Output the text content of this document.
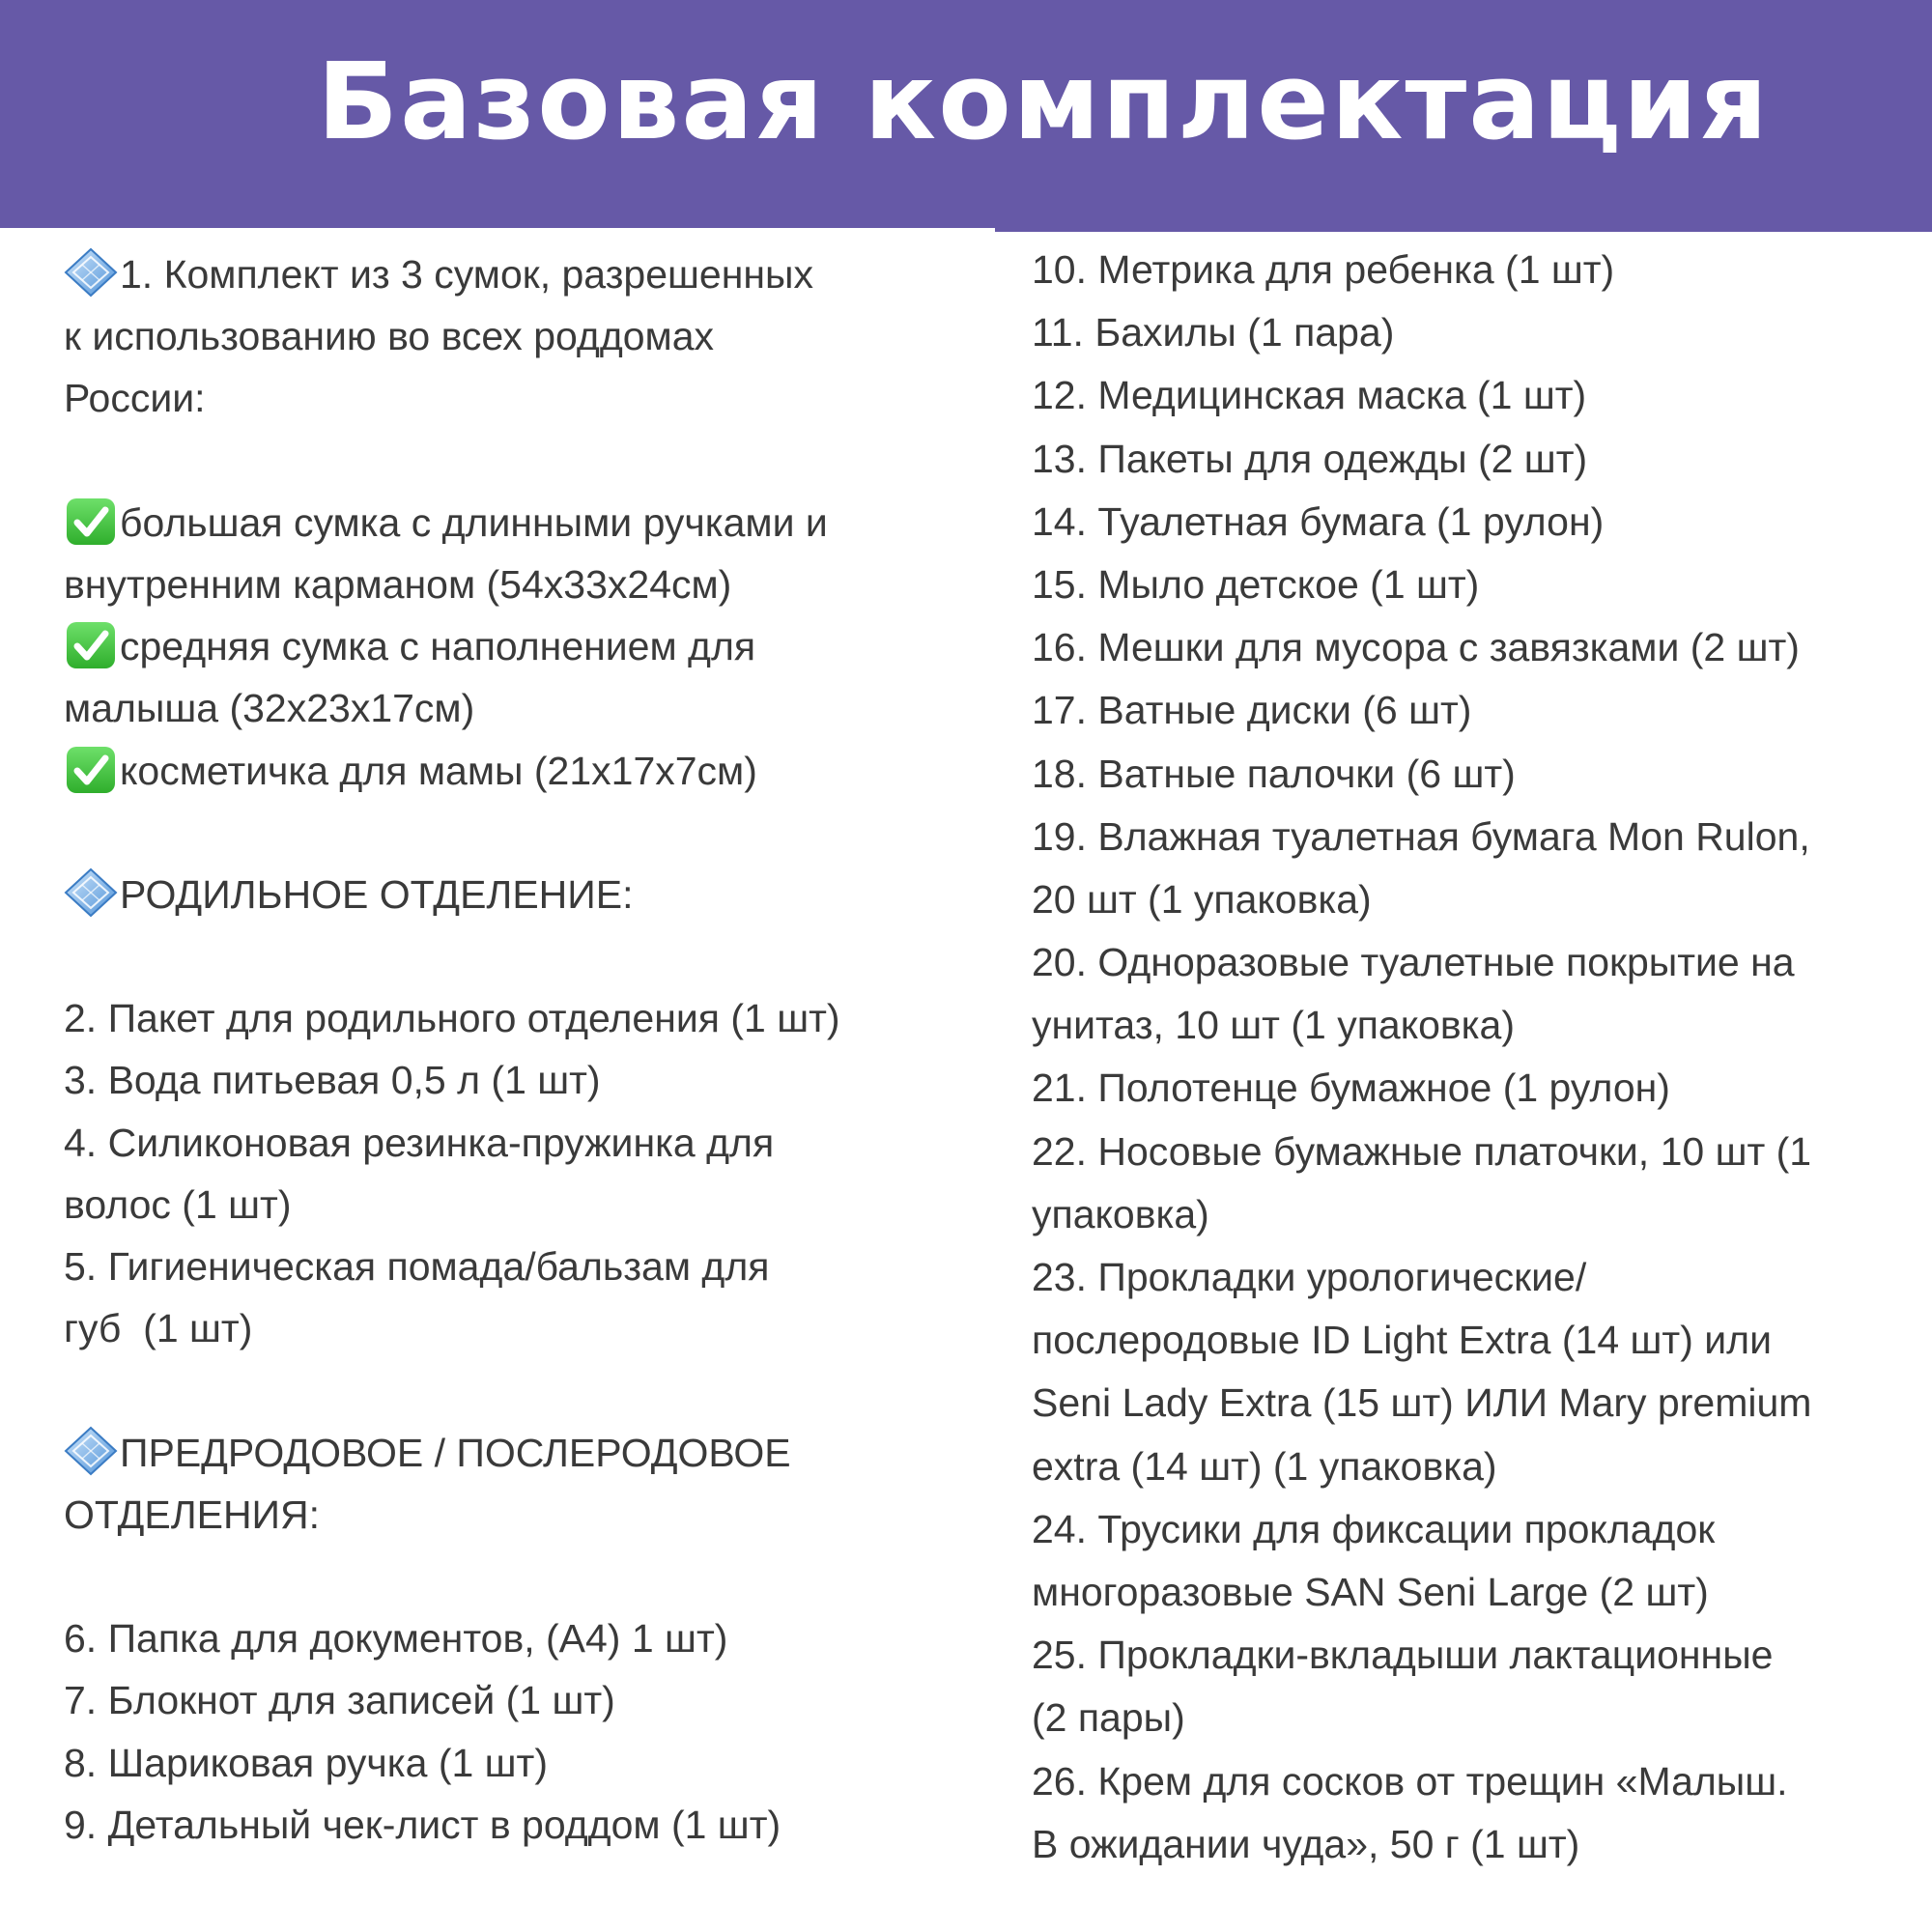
Базовая комплектация
1. Комплект из 3 сумок, разрешенных
к использованию во всех роддомах
России:
большая сумка с длинными ручками и
внутренним карманом (54х33х24см)
средняя сумка с наполнением для
малыша (32х23х17см)
косметичка для мамы (21х17х7см)
РОДИЛЬНОЕ ОТДЕЛЕНИЕ:
2. Пакет для родильного отделения (1 шт)
3. Вода питьевая 0,5 л (1 шт)
4. Силиконовая резинка-пружинка для
волос (1 шт)
5. Гигиеническая помада/бальзам для
губ  (1 шт)
ПРЕДРОДОВОЕ / ПОСЛЕРОДОВОЕ
ОТДЕЛЕНИЯ:
6. Папка для документов, (А4) 1 шт)
7. Блокнот для записей (1 шт)
8. Шариковая ручка (1 шт)
9. Детальный чек-лист в роддом (1 шт)
10. Метрика для ребенка (1 шт)
11. Бахилы (1 пара)
12. Медицинская маска (1 шт)
13. Пакеты для одежды (2 шт)
14. Туалетная бумага (1 рулон)
15. Мыло детское (1 шт)
16. Мешки для мусора с завязками (2 шт)
17. Ватные диски (6 шт)
18. Ватные палочки (6 шт)
19. Влажная туалетная бумага Mon Rulon,
20 шт (1 упаковка)
20. Одноразовые туалетные покрытие на
унитаз, 10 шт (1 упаковка)
21. Полотенце бумажное (1 рулон)
22. Носовые бумажные платочки, 10 шт (1
упаковка)
23. Прокладки урологические/
послеродовые ID Light Extra (14 шт) или
Seni Lady Extra (15 шт) ИЛИ Mary premium
extra (14 шт) (1 упаковка)
24. Трусики для фиксации прокладок
многоразовые SAN Seni Large (2 шт)
25. Прокладки-вкладыши лактационные
(2 пары)
26. Крем для сосков от трещин «Малыш.
В ожидании чуда», 50 г (1 шт)
